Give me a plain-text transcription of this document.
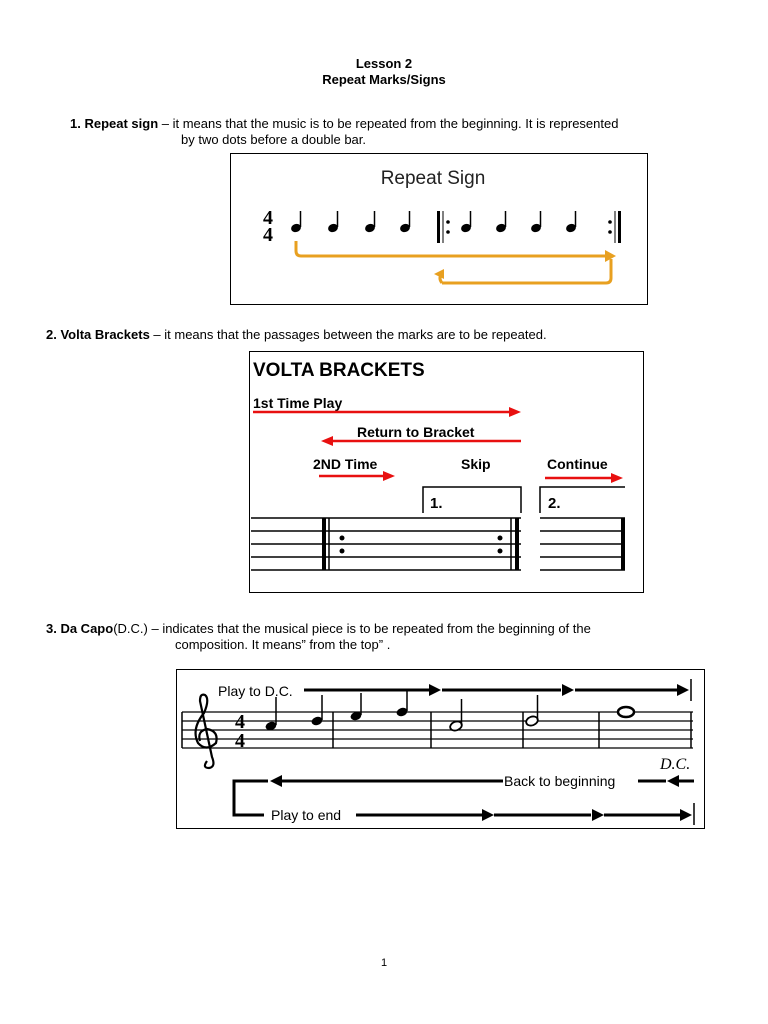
Lesson 2
Repeat Marks/Signs
1. Repeat sign – it means that the music is to be repeated from the beginning. It is represented
by two dots before a double bar.
Repeat Sign
4
4
2. Volta Brackets – it means that the passages between the marks are to be repeated.
VOLTA BRACKETS
1st Time Play
Return to Bracket
2ND Time	Skip	Continue
1.	2.
3. Da Capo(D.C.) – indicates that the musical piece is to be repeated from the beginning of the
composition. It means” from the top” .
Play to D.C.
4
4
D.C.
Back to beginning
Play to end
1
